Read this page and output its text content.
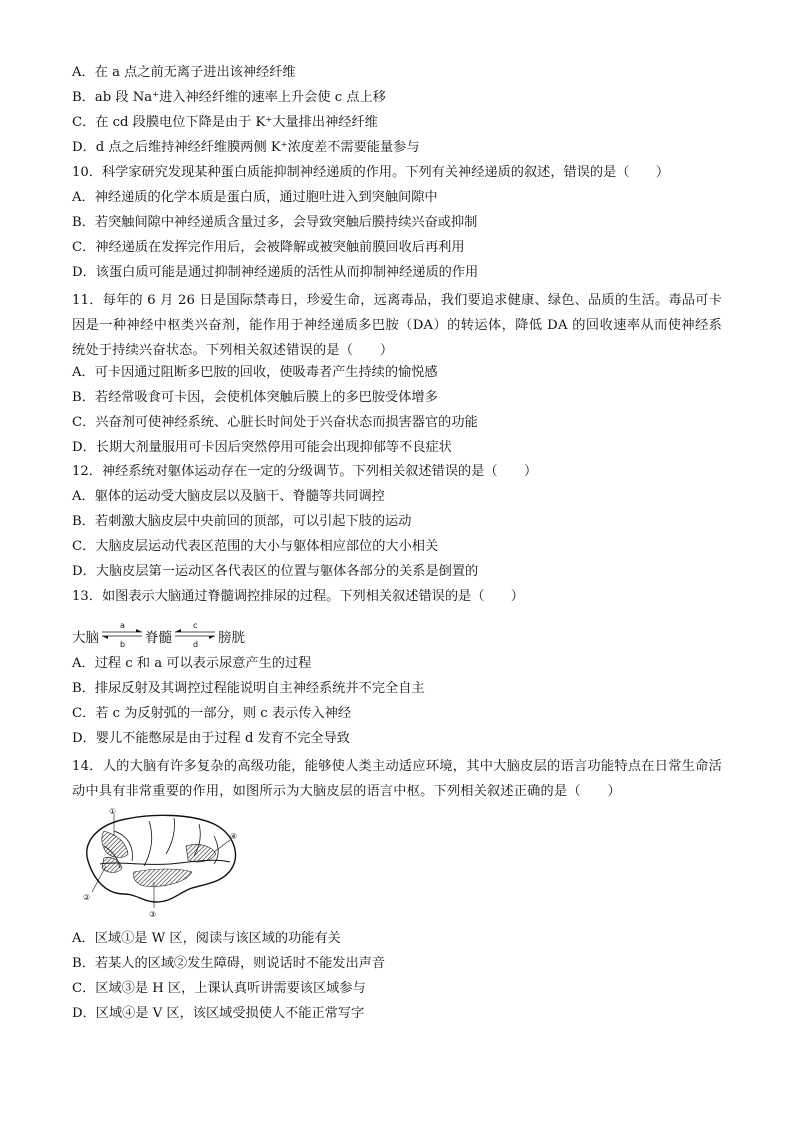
A．在 a 点之前无离子进出该神经纤维
B．ab 段 Na⁺进入神经纤维的速率上升会使 c 点上移
C．在 cd 段膜电位下降是由于 K⁺大量排出神经纤维
D．d 点之后维持神经纤维膜两侧 K⁺浓度差不需要能量参与
10．科学家研究发现某种蛋白质能抑制神经递质的作用。下列有关神经递质的叙述，错误的是（　　）
A．神经递质的化学本质是蛋白质，通过胞吐进入到突触间隙中
B．若突触间隙中神经递质含量过多，会导致突触后膜持续兴奋或抑制
C．神经递质在发挥完作用后，会被降解或被突触前膜回收后再利用
D．该蛋白质可能是通过抑制神经递质的活性从而抑制神经递质的作用
11．每年的 6 月 26 日是国际禁毒日，珍爱生命，远离毒品，我们要追求健康、绿色、品质的生活。毒品可卡因是一种神经中枢类兴奋剂，能作用于神经递质多巴胺（DA）的转运体，降低 DA 的回收速率从而使神经系统处于持续兴奋状态。下列相关叙述错误的是（　　）
A．可卡因通过阻断多巴胺的回收，使吸毒者产生持续的愉悦感
B．若经常吸食可卡因，会使机体突触后膜上的多巴胺受体增多
C．兴奋剂可使神经系统、心脏长时间处于兴奋状态而损害器官的功能
D．长期大剂量服用可卡因后突然停用可能会出现抑郁等不良症状
12．神经系统对躯体运动存在一定的分级调节。下列相关叙述错误的是（　　）
A．躯体的运动受大脑皮层以及脑干、脊髓等共同调控
B．若刺激大脑皮层中央前回的顶部，可以引起下肢的运动
C．大脑皮层运动代表区范围的大小与躯体相应部位的大小相关
D．大脑皮层第一运动区各代表区的位置与躯体各部分的关系是倒置的
13．如图表示大脑通过脊髓调控排尿的过程。下列相关叙述错误的是（　　）
大脑	脊髓	膀胱
a
b
c
d
A．过程 c 和 a 可以表示尿意产生的过程
B．排尿反射及其调控过程能说明自主神经系统并不完全自主
C．若 c 为反射弧的一部分，则 c 表示传入神经
D．婴儿不能憋尿是由于过程 d 发育不完全导致
14．人的大脑有许多复杂的高级功能，能够使人类主动适应环境，其中大脑皮层的语言功能特点在日常生命活动中具有非常重要的作用，如图所示为大脑皮层的语言中枢。下列相关叙述正确的是（　　）
①
②
③
④
A．区域①是 W 区，阅读与该区域的功能有关
B．若某人的区域②发生障碍，则说话时不能发出声音
C．区域③是 H 区，上课认真听讲需要该区域参与
D．区域④是 V 区，该区域受损使人不能正常写字
